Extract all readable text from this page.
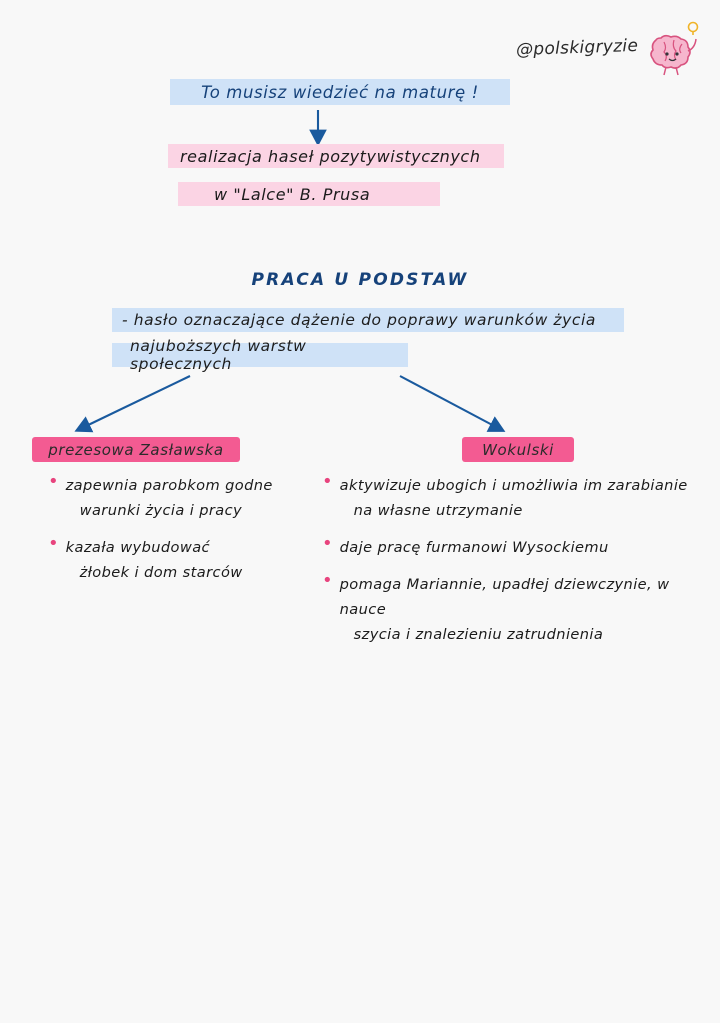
@polskigryzie
To musisz wiedzieć na maturę !
realizacja haseł pozytywistycznych
w "Lalce" B. Prusa
PRACA U PODSTAW
- hasło oznaczające dążenie do poprawy warunków życia
najuboższych warstw społecznych
prezesowa Zasławska	Wokulski
• zapewnia parobkom godne
warunki życia i pracy
• kazała wybudować
żłobek i dom starców
• aktywizuje ubogich i umożliwia im zarabianie
na własne utrzymanie
• daje pracę furmanowi Wysockiemu
• pomaga Mariannie, upadłej dziewczynie, w nauce
szycia i znalezieniu zatrudnienia
